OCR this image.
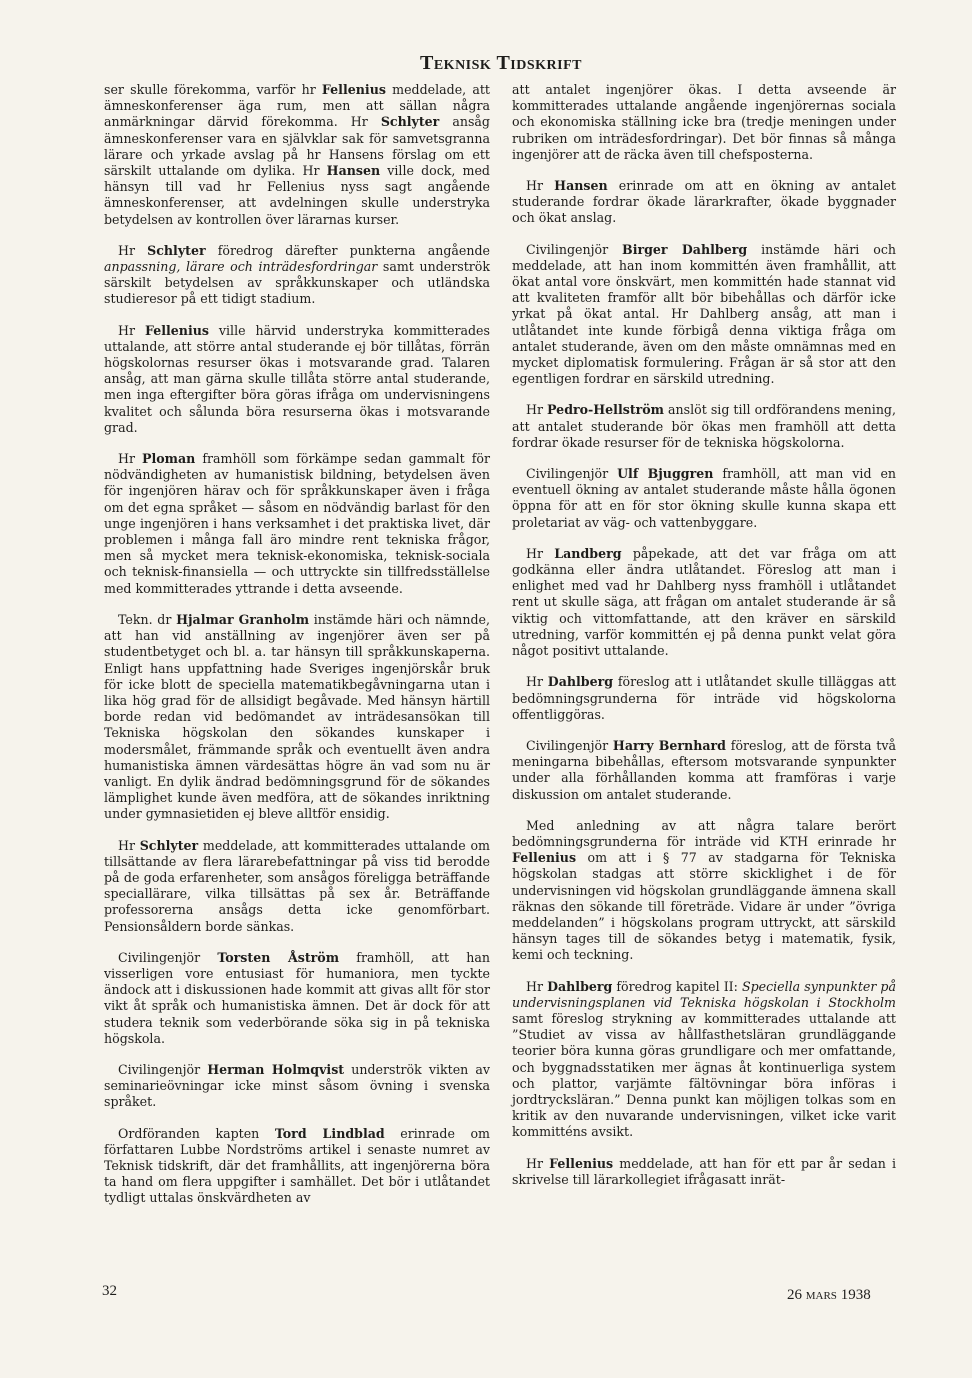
Teknisk Tidskrift

ser skulle förekomma, varför hr Fellenius meddelade, att ämneskonferenser äga rum, men att sällan några anmärkningar därvid förekomma. Hr Schlyter ansåg ämneskonferenser vara en självklar sak för samvetsgranna lärare och yrkade avslag på hr Hansens förslag om ett särskilt uttalande om dylika. Hr Hansen ville dock, med hänsyn till vad hr Fellenius nyss sagt angående ämneskonferenser, att avdelningen skulle understryka betydelsen av kontrollen över lärarnas kurser.

Hr Schlyter föredrog därefter punkterna angående anpassning, lärare och inträdesfordringar samt underströk särskilt betydelsen av språkkunskaper och utländska studieresor på ett tidigt stadium.

Hr Fellenius ville härvid understryka kommitterades uttalande, att större antal studerande ej bör tillåtas, förrän högskolornas resurser ökas i motsvarande grad. Talaren ansåg, att man gärna skulle tillåta större antal studerande, men inga eftergifter böra göras ifråga om undervisningens kvalitet och sålunda böra resurserna ökas i motsvarande grad.

Hr Ploman framhöll som förkämpe sedan gammalt för nödvändigheten av humanistisk bildning, betydelsen även för ingenjören härav och för språkkunskaper även i fråga om det egna språket — såsom en nödvändig barlast för den unge ingenjören i hans verksamhet i det praktiska livet, där problemen i många fall äro mindre rent tekniska frågor, men så mycket mera teknisk-ekonomiska, teknisk-sociala och teknisk-finansiella — och uttryckte sin tillfredsställelse med kommitterades yttrande i detta avseende.

Tekn. dr Hjalmar Granholm instämde häri och nämnde, att han vid anställning av ingenjörer även ser på studentbetyget och bl. a. tar hänsyn till språkkunskaperna. Enligt hans uppfattning hade Sveriges ingenjörskår bruk för icke blott de speciella matematikbegåvningarna utan i lika hög grad för de allsidigt begåvade. Med hänsyn härtill borde redan vid bedömandet av inträdesansökan till Tekniska högskolan den sökandes kunskaper i modersmålet, främmande språk och eventuellt även andra humanistiska ämnen värdesättas högre än vad som nu är vanligt. En dylik ändrad bedömningsgrund för de sökandes lämplighet kunde även medföra, att de sökandes inriktning under gymnasietiden ej bleve alltför ensidig.

Hr Schlyter meddelade, att kommitterades uttalande om tillsättande av flera lärarebefattningar på viss tid berodde på de goda erfarenheter, som ansågos föreligga beträffande speciallärare, vilka tillsättas på sex år. Beträffande professorerna ansågs detta icke genomförbart. Pensionsåldern borde sänkas.

Civilingenjör Torsten Åström framhöll, att han visserligen vore entusiast för humaniora, men tyckte ändock att i diskussionen hade kommit att givas allt för stor vikt åt språk och humanistiska ämnen. Det är dock för att studera teknik som vederbörande söka sig in på tekniska högskola.

Civilingenjör Herman Holmqvist underströk vikten av seminarieövningar icke minst såsom övning i svenska språket.

Ordföranden kapten Tord Lindblad erinrade om författaren Lubbe Nordströms artikel i senaste numret av Teknisk tidskrift, där det framhållits, att ingenjörerna böra ta hand om flera uppgifter i samhället. Det bör i utlåtandet tydligt uttalas önskvärdheten av

att antalet ingenjörer ökas. I detta avseende är kommitterades uttalande angående ingenjörernas sociala och ekonomiska ställning icke bra (tredje meningen under rubriken om inträdesfordringar). Det bör finnas så många ingenjörer att de räcka även till chefsposterna.

Hr Hansen erinrade om att en ökning av antalet studerande fordrar ökade lärarkrafter, ökade byggnader och ökat anslag.

Civilingenjör Birger Dahlberg instämde häri och meddelade, att han inom kommittén även framhållit, att ökat antal vore önskvärt, men kommittén hade stannat vid att kvaliteten framför allt bör bibehållas och därför icke yrkat på ökat antal. Hr Dahlberg ansåg, att man i utlåtandet inte kunde förbigå denna viktiga fråga om antalet studerande, även om den måste omnämnas med en mycket diplomatisk formulering. Frågan är så stor att den egentligen fordrar en särskild utredning.

Hr Pedro-Hellström anslöt sig till ordförandens mening, att antalet studerande bör ökas men framhöll att detta fordrar ökade resurser för de tekniska högskolorna.

Civilingenjör Ulf Bjuggren framhöll, att man vid en eventuell ökning av antalet studerande måste hålla ögonen öppna för att en för stor ökning skulle kunna skapa ett proletariat av väg- och vattenbyggare.

Hr Landberg påpekade, att det var fråga om att godkänna eller ändra utlåtandet. Föreslog att man i enlighet med vad hr Dahlberg nyss framhöll i utlåtandet rent ut skulle säga, att frågan om antalet studerande är så viktig och vittomfattande, att den kräver en särskild utredning, varför kommittén ej på denna punkt velat göra något positivt uttalande.

Hr Dahlberg föreslog att i utlåtandet skulle tilläggas att bedömningsgrunderna för inträde vid högskolorna offentliggöras.

Civilingenjör Harry Bernhard föreslog, att de första två meningarna bibehållas, eftersom motsvarande synpunkter under alla förhållanden komma att framföras i varje diskussion om antalet studerande.

Med anledning av att några talare berört bedömningsgrunderna för inträde vid KTH erinrade hr Fellenius om att i § 77 av stadgarna för Tekniska högskolan stadgas att större skicklighet i de för undervisningen vid högskolan grundläggande ämnena skall räknas den sökande till företräde. Vidare är under ”övriga meddelanden” i högskolans program uttryckt, att särskild hänsyn tages till de sökandes betyg i matematik, fysik, kemi och teckning.

Hr Dahlberg föredrog kapitel II: Speciella synpunkter på undervisningsplanen vid Tekniska högskolan i Stockholm samt föreslog strykning av kommitterades uttalande att ”Studiet av vissa av hållfasthetsläran grundläggande teorier böra kunna göras grundligare och mer omfattande, och byggnadsstatiken mer ägnas åt kontinuerliga system och plattor, varjämte fältövningar böra införas i jordtrycksläran.” Denna punkt kan möjligen tolkas som en kritik av den nuvarande undervisningen, vilket icke varit kommitténs avsikt.

Hr Fellenius meddelade, att han för ett par år sedan i skrivelse till lärarkollegiet ifrågasatt inrät-

32	26 mars 1938
